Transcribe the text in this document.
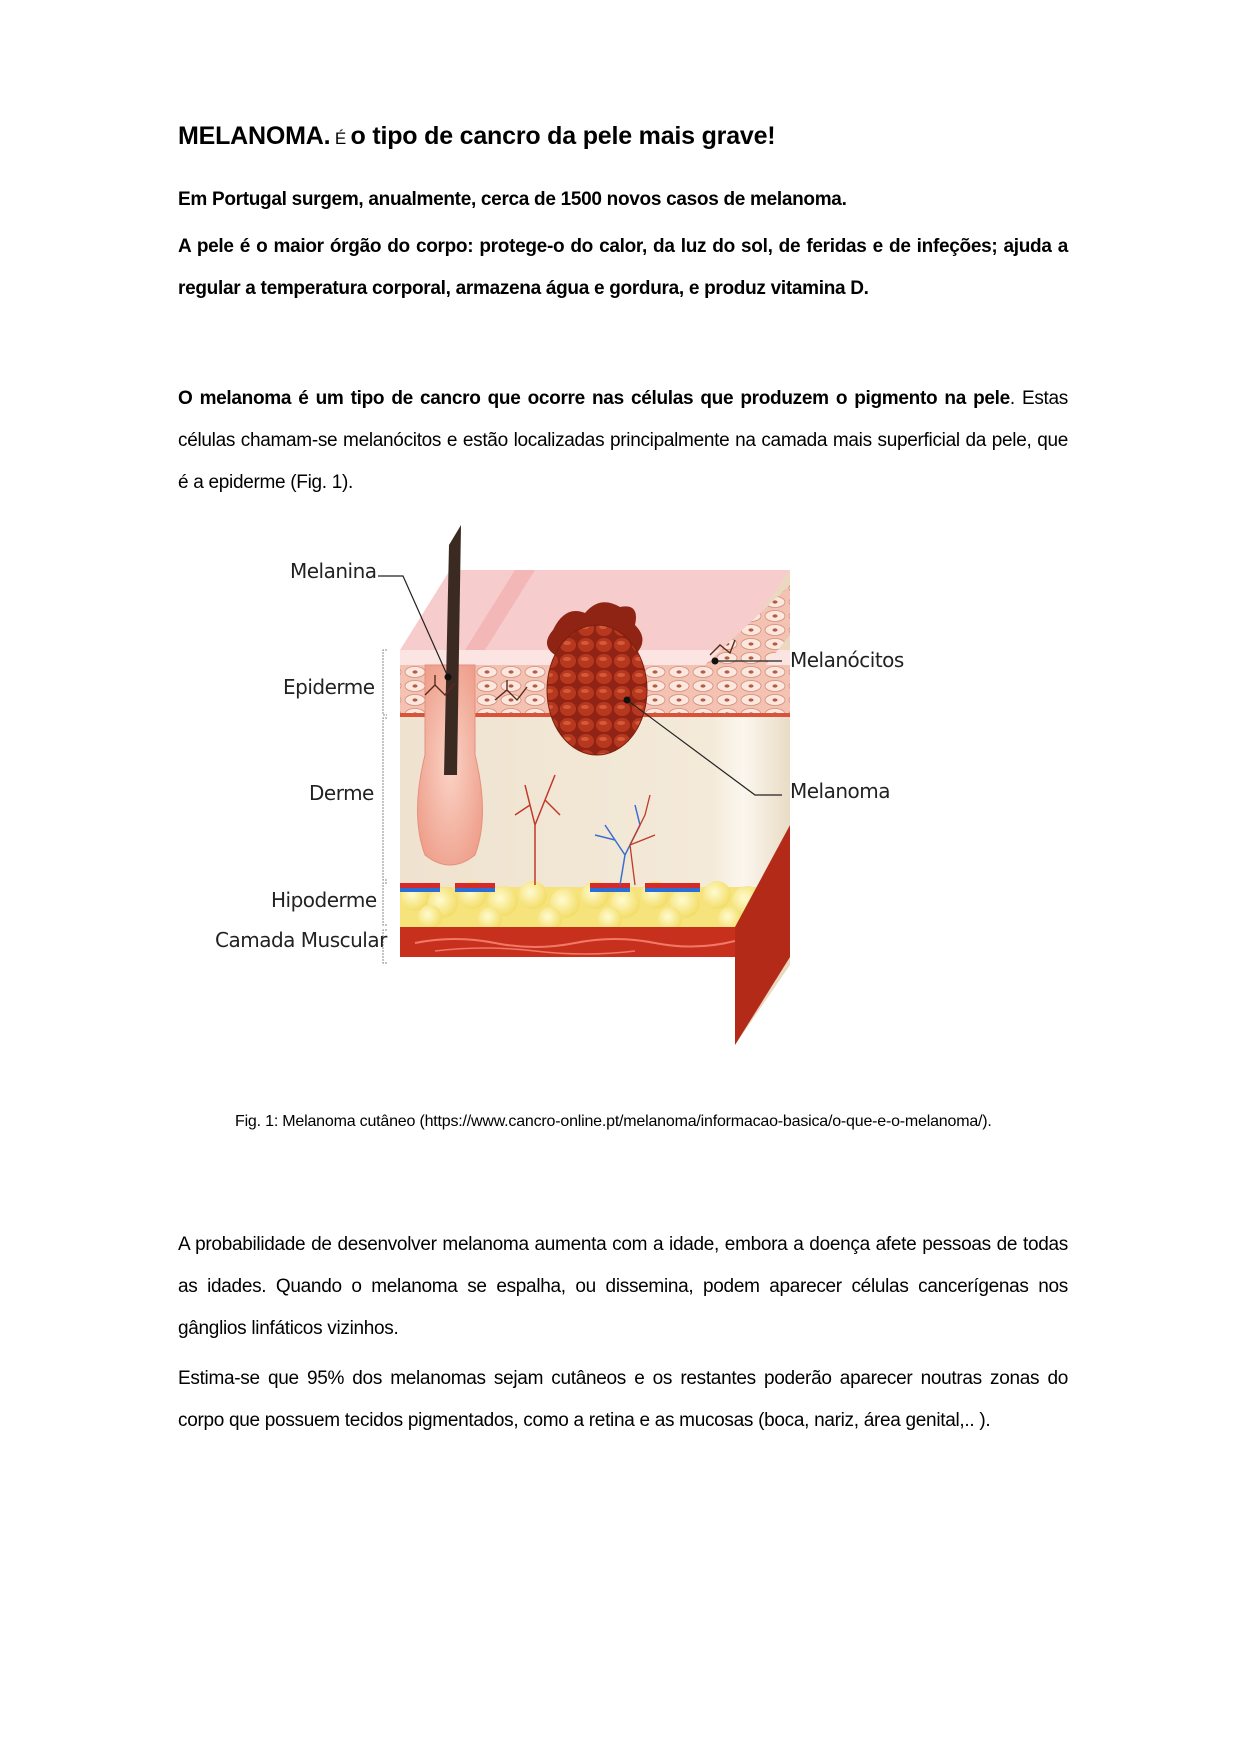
MELANOMA. É o tipo de cancro da pele mais grave!
Em Portugal surgem, anualmente, cerca de 1500 novos casos de melanoma.
A pele é o maior órgão do corpo: protege-o do calor, da luz do sol, de feridas e de infeções; ajuda a regular a temperatura corporal, armazena água e gordura, e produz vitamina D.
O melanoma é um tipo de cancro que ocorre nas células que produzem o pigmento na pele. Estas células chamam-se melanócitos e estão localizadas principalmente na camada mais superficial da pele, que é a epiderme (Fig. 1).
Fig. 1: Melanoma cutâneo (https://www.cancro-online.pt/melanoma/informacao-basica/o-que-e-o-melanoma/).
A probabilidade de desenvolver melanoma aumenta com a idade, embora a doença afete pessoas de todas as idades. Quando o melanoma se espalha, ou dissemina, podem aparecer células cancerígenas nos gânglios linfáticos vizinhos.
Estima-se que 95% dos melanomas sejam cutâneos e os restantes poderão aparecer noutras zonas do corpo que possuem tecidos pigmentados, como a retina e as mucosas (boca, nariz, área genital,.. ).
Melanina
Epiderme
Derme
Hipoderme
Camada Muscular
Melanócitos
Melanoma
